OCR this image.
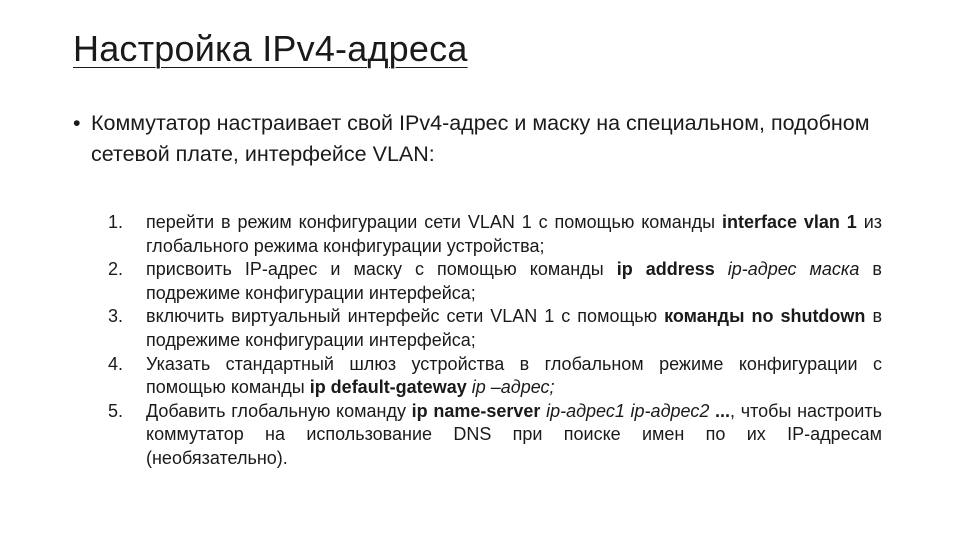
Настройка IPv4-адреса
• Коммутатор настраивает свой IPv4-адрес и маску на специальном, подобном сетевой плате, интерфейсе VLAN:
1.	перейти в режим конфигурации сети VLAN 1 с помощью команды interface vlan 1 из глобального режима конфигурации устройства;
2.	присвоить IP-адрес и маску с помощью команды ip address ip-адрес маска в подрежиме конфигурации интерфейса;
3.	включить виртуальный интерфейс сети VLAN 1 с помощью команды no shutdown в подрежиме конфигурации интерфейса;
4.	Указать стандартный шлюз устройства в глобальном режиме конфигурации с помощью команды ip default-gateway ip –адрес;
5.	Добавить глобальную команду ip name-server ip-адрес1 ip-адрес2 ..., чтобы настроить коммутатор на использование DNS при поиске имен по их IP-адресам (необязательно).
